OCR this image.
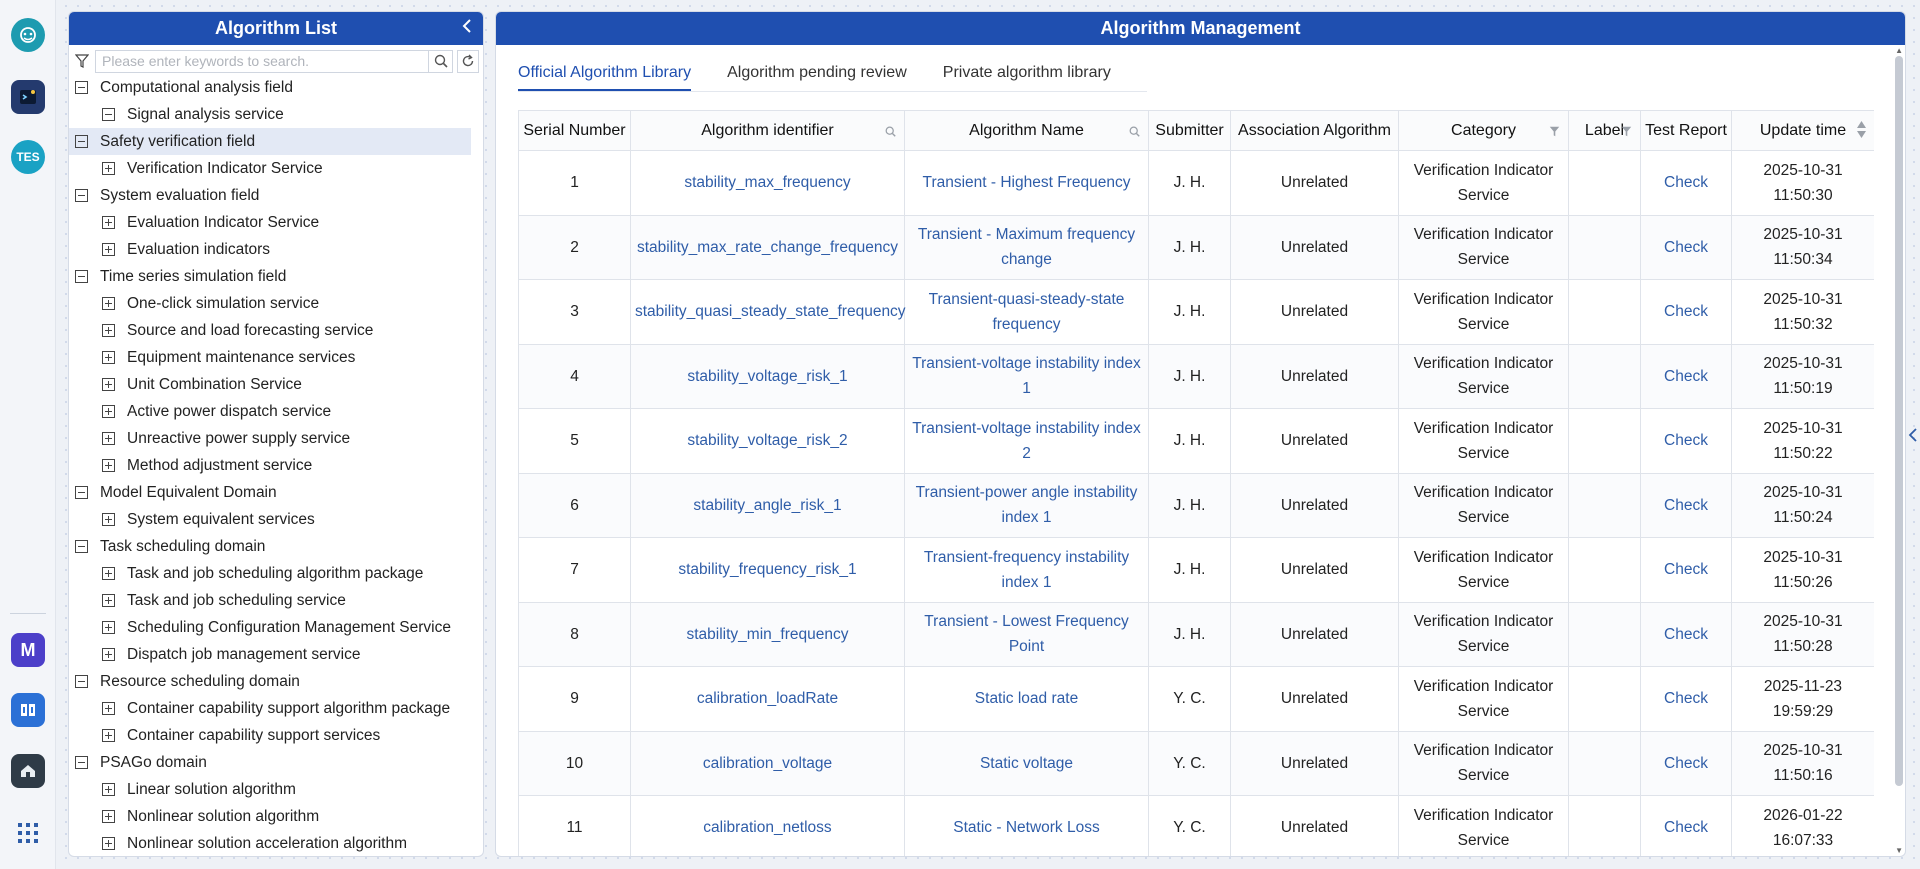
TES
M
Algorithm List
Please enter keywords to search.
Computational analysis field
Signal analysis service
Safety verification field
Verification Indicator Service
System evaluation field
Evaluation Indicator Service
Evaluation indicators
Time series simulation field
One-click simulation service
Source and load forecasting service
Equipment maintenance services
Unit Combination Service
Active power dispatch service
Unreactive power supply service
Method adjustment service
Model Equivalent Domain
System equivalent services
Task scheduling domain
Task and job scheduling algorithm package
Task and job scheduling service
Scheduling Configuration Management Service
Dispatch job management service
Resource scheduling domain
Container capability support algorithm package
Container capability support services
PSAGo domain
Linear solution algorithm
Nonlinear solution algorithm
Nonlinear solution acceleration algorithm
Algorithm Management
Official Algorithm Library Algorithm pending review	Private algorithm library
Serial Number	Algorithm identifier	Algorithm Name	Submitter	Association Algorithm	Category	Label	Test Report	Update time

1	stability_max_frequency	Transient - Highest Frequency	J. H.	Unrelated	Verification Indicator Service		Check	2025-10-31
11:50:30

2	stability_max_rate_change_frequency	Transient - Maximum frequency change	J. H.	Unrelated	Verification Indicator Service		Check	2025-10-31
11:50:34

3	stability_quasi_steady_state_frequency	Transient-quasi-steady-state frequency	J. H.	Unrelated	Verification Indicator Service		Check	2025-10-31
11:50:32

4	stability_voltage_risk_1	Transient-voltage instability index 1	J. H.	Unrelated	Verification Indicator Service		Check	2025-10-31
11:50:19

5	stability_voltage_risk_2	Transient-voltage instability index 2	J. H.	Unrelated	Verification Indicator Service		Check	2025-10-31
11:50:22

6	stability_angle_risk_1	Transient-power angle instability index 1	J. H.	Unrelated	Verification Indicator Service		Check	2025-10-31
11:50:24

7	stability_frequency_risk_1	Transient-frequency instability index 1	J. H.	Unrelated	Verification Indicator Service		Check	2025-10-31
11:50:26

8	stability_min_frequency	Transient - Lowest Frequency Point	J. H.	Unrelated	Verification Indicator Service		Check	2025-10-31
11:50:28

9	calibration_loadRate	Static load rate	Y. C.	Unrelated	Verification Indicator Service		Check	2025-11-23
19:59:29

10	calibration_voltage	Static voltage	Y. C.	Unrelated	Verification Indicator Service		Check	2025-10-31
11:50:16

11	calibration_netloss	Static - Network Loss	Y. C.	Unrelated	Verification Indicator Service		Check	2026-01-22
16:07:33
▲
▼
